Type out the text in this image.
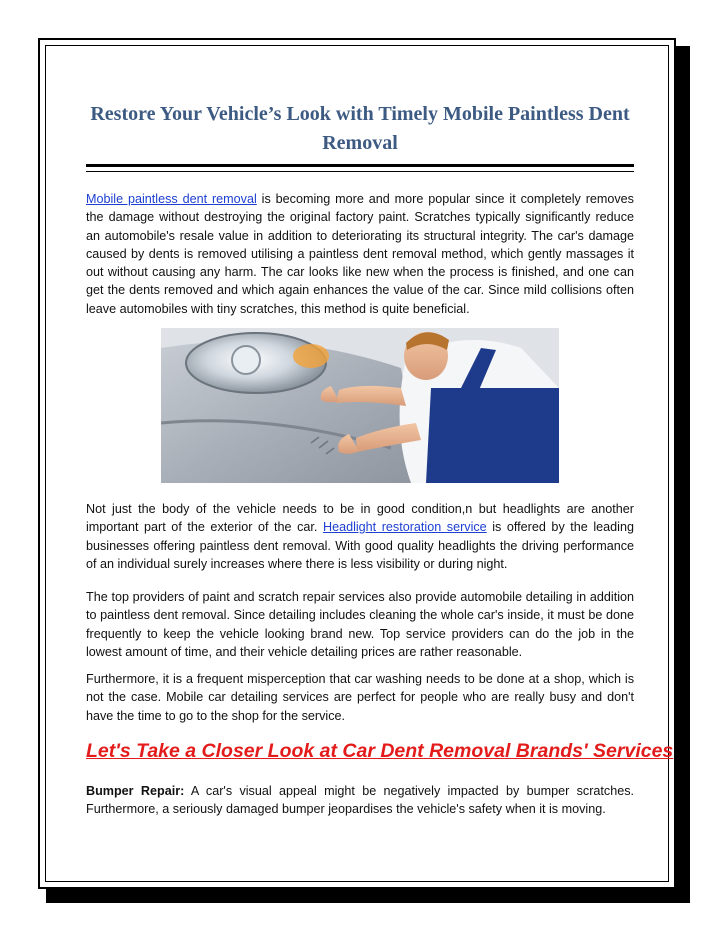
Restore Your Vehicle’s Look with Timely Mobile Paintless Dent Removal

Mobile paintless dent removal is becoming more and more popular since it completely removes the damage without destroying the original factory paint. Scratches typically significantly reduce an automobile's resale value in addition to deteriorating its structural integrity. The car's damage caused by dents is removed utilising a paintless dent removal method, which gently massages it out without causing any harm. The car looks like new when the process is finished, and one can get the dents removed and which again enhances the value of the car. Since mild collisions often leave automobiles with tiny scratches, this method is quite beneficial.

Not just the body of the vehicle needs to be in good condition,n but headlights are another important part of the exterior of the car. Headlight restoration service is offered by the leading businesses offering paintless dent removal. With good quality headlights the driving performance of an individual surely increases where there is less visibility or during night.

The top providers of paint and scratch repair services also provide automobile detailing in addition to paintless dent removal. Since detailing includes cleaning the whole car's inside, it must be done frequently to keep the vehicle looking brand new. Top service providers can do the job in the lowest amount of time, and their vehicle detailing prices are rather reasonable.

Furthermore, it is a frequent misperception that car washing needs to be done at a shop, which is not the case. Mobile car detailing services are perfect for people who are really busy and don't have the time to go to the shop for the service.

Let's Take a Closer Look at Car Dent Removal Brands' Services

Bumper Repair: A car's visual appeal might be negatively impacted by bumper scratches. Furthermore, a seriously damaged bumper jeopardises the vehicle's safety when it is moving.
